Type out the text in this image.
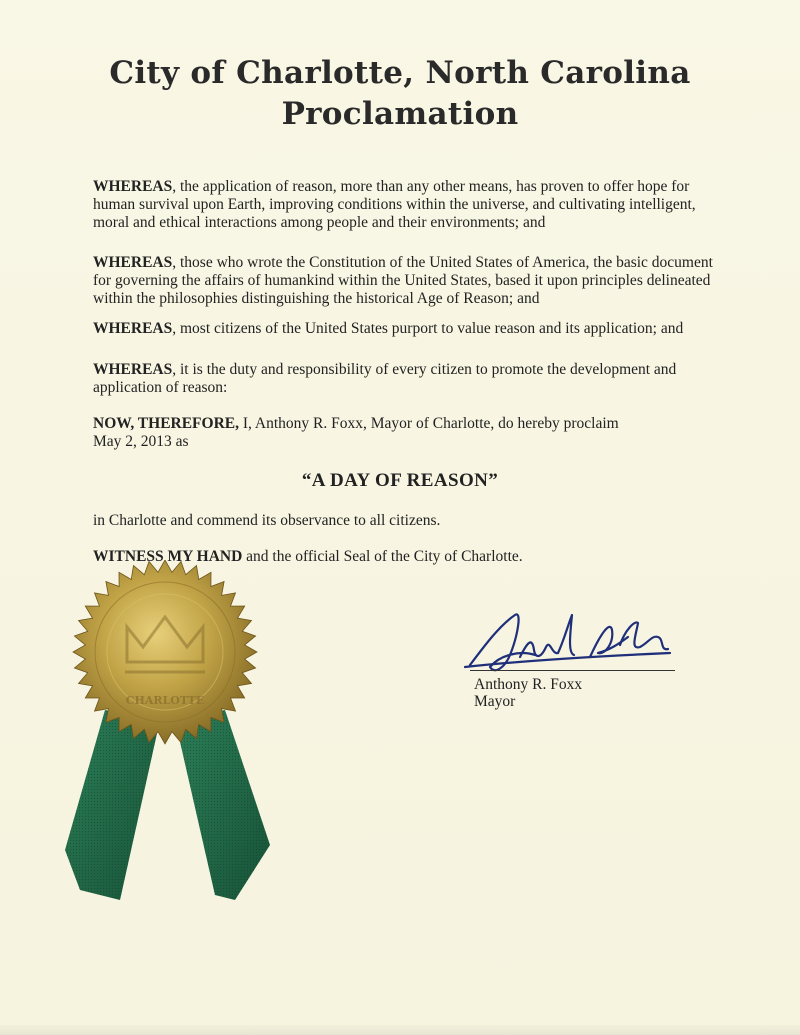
City of Charlotte, North Carolina
Proclamation

WHEREAS, the application of reason, more than any other means, has proven to offer hope for human survival upon Earth, improving conditions within the universe, and cultivating intelligent, moral and ethical interactions among people and their environments; and

WHEREAS, those who wrote the Constitution of the United States of America, the basic document for governing the affairs of humankind within the United States, based it upon principles delineated within the philosophies distinguishing the historical Age of Reason; and

WHEREAS, most citizens of the United States purport to value reason and its application; and

WHEREAS, it is the duty and responsibility of every citizen to promote the development and application of reason:

NOW, THEREFORE, I, Anthony R. Foxx, Mayor of Charlotte, do hereby proclaim

May 2, 2013 as

“A DAY OF REASON”

in Charlotte and commend its observance to all citizens.

WITNESS MY HAND and the official Seal of the City of Charlotte.

CHARLOTTE
Anthony R. Foxx
Mayor
